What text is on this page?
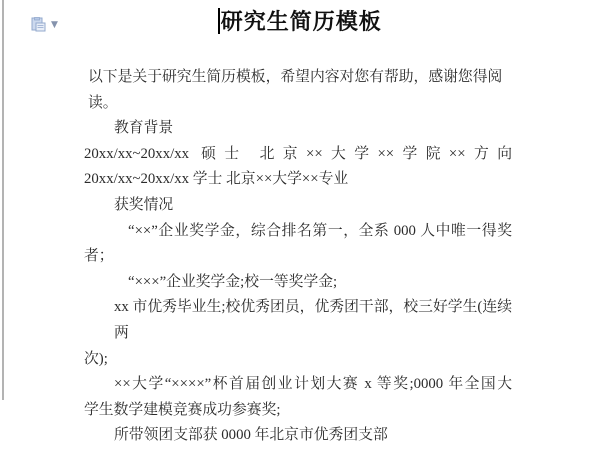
▼	研究生简历模板
以下是关于研究生简历模板，希望内容对您有帮助，感谢您得阅读。
教育背景
20xx/xx~20xx/xx 硕士 北京××大学××学院××方向
20xx/xx~20xx/xx 学士 北京××大学××专业
获奖情况
“××”企业奖学金，综合排名第一，全系 000 人中唯一得奖
者；
“×××”企业奖学金;校一等奖学金;
xx 市优秀毕业生;校优秀团员，优秀团干部，校三好学生(连续两
次);
××大学“××××”杯首届创业计划大赛 x 等奖;0000 年全国大
学生数学建模竞赛成功参赛奖;
所带领团支部获 0000 年北京市优秀团支部
